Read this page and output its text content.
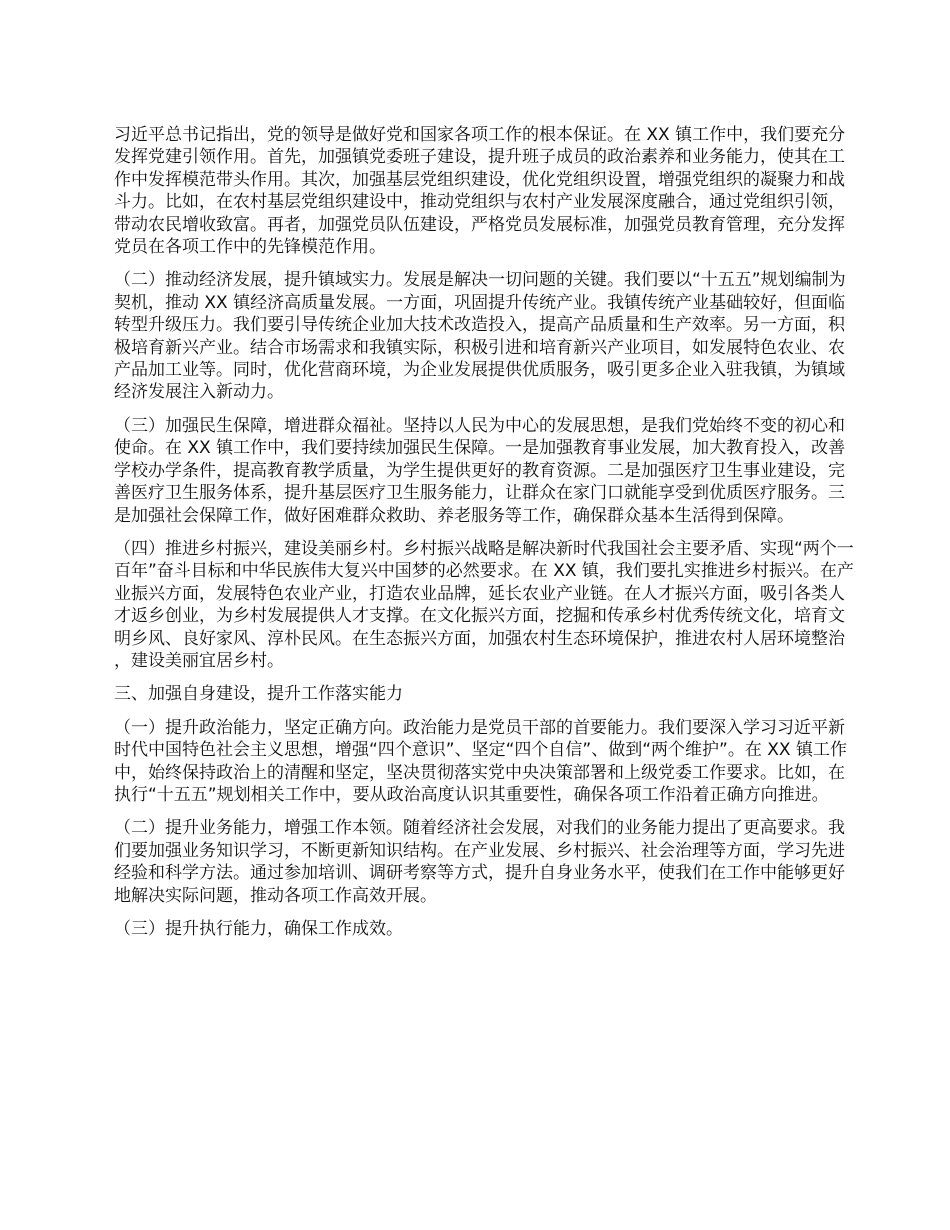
习近平总书记指出，党的领导是做好党和国家各项工作的根本保证。在 XX 镇工作中，我们要充分发挥党建引领作用。首先，加强镇党委班子建设，提升班子成员的政治素养和业务能力，使其在工作中发挥模范带头作用。其次，加强基层党组织建设，优化党组织设置，增强党组织的凝聚力和战斗力。比如，在农村基层党组织建设中，推动党组织与农村产业发展深度融合，通过党组织引领，带动农民增收致富。再者，加强党员队伍建设，严格党员发展标准，加强党员教育管理，充分发挥党员在各项工作中的先锋模范作用。

（二）推动经济发展，提升镇域实力。发展是解决一切问题的关键。我们要以“十五五”规划编制为契机，推动 XX 镇经济高质量发展。一方面，巩固提升传统产业。我镇传统产业基础较好，但面临转型升级压力。我们要引导传统企业加大技术改造投入，提高产品质量和生产效率。另一方面，积极培育新兴产业。结合市场需求和我镇实际，积极引进和培育新兴产业项目，如发展特色农业、农产品加工业等。同时，优化营商环境，为企业发展提供优质服务，吸引更多企业入驻我镇，为镇域经济发展注入新动力。

（三）加强民生保障，增进群众福祉。坚持以人民为中心的发展思想，是我们党始终不变的初心和使命。在 XX 镇工作中，我们要持续加强民生保障。一是加强教育事业发展，加大教育投入，改善学校办学条件，提高教育教学质量，为学生提供更好的教育资源。二是加强医疗卫生事业建设，完善医疗卫生服务体系，提升基层医疗卫生服务能力，让群众在家门口就能享受到优质医疗服务。三是加强社会保障工作，做好困难群众救助、养老服务等工作，确保群众基本生活得到保障。

（四）推进乡村振兴，建设美丽乡村。乡村振兴战略是解决新时代我国社会主要矛盾、实现“两个一百年”奋斗目标和中华民族伟大复兴中国梦的必然要求。在 XX 镇，我们要扎实推进乡村振兴。在产业振兴方面，发展特色农业产业，打造农业品牌，延长农业产业链。在人才振兴方面，吸引各类人才返乡创业，为乡村发展提供人才支撑。在文化振兴方面，挖掘和传承乡村优秀传统文化，培育文明乡风、良好家风、淳朴民风。在生态振兴方面，加强农村生态环境保护，推进农村人居环境整治，建设美丽宜居乡村。

三、加强自身建设，提升工作落实能力

（一）提升政治能力，坚定正确方向。政治能力是党员干部的首要能力。我们要深入学习习近平新时代中国特色社会主义思想，增强“四个意识”、坚定“四个自信”、做到“两个维护”。在 XX 镇工作中，始终保持政治上的清醒和坚定，坚决贯彻落实党中央决策部署和上级党委工作要求。比如，在执行“十五五”规划相关工作中，要从政治高度认识其重要性，确保各项工作沿着正确方向推进。

（二）提升业务能力，增强工作本领。随着经济社会发展，对我们的业务能力提出了更高要求。我们要加强业务知识学习，不断更新知识结构。在产业发展、乡村振兴、社会治理等方面，学习先进经验和科学方法。通过参加培训、调研考察等方式，提升自身业务水平，使我们在工作中能够更好地解决实际问题，推动各项工作高效开展。

（三）提升执行能力，确保工作成效。
